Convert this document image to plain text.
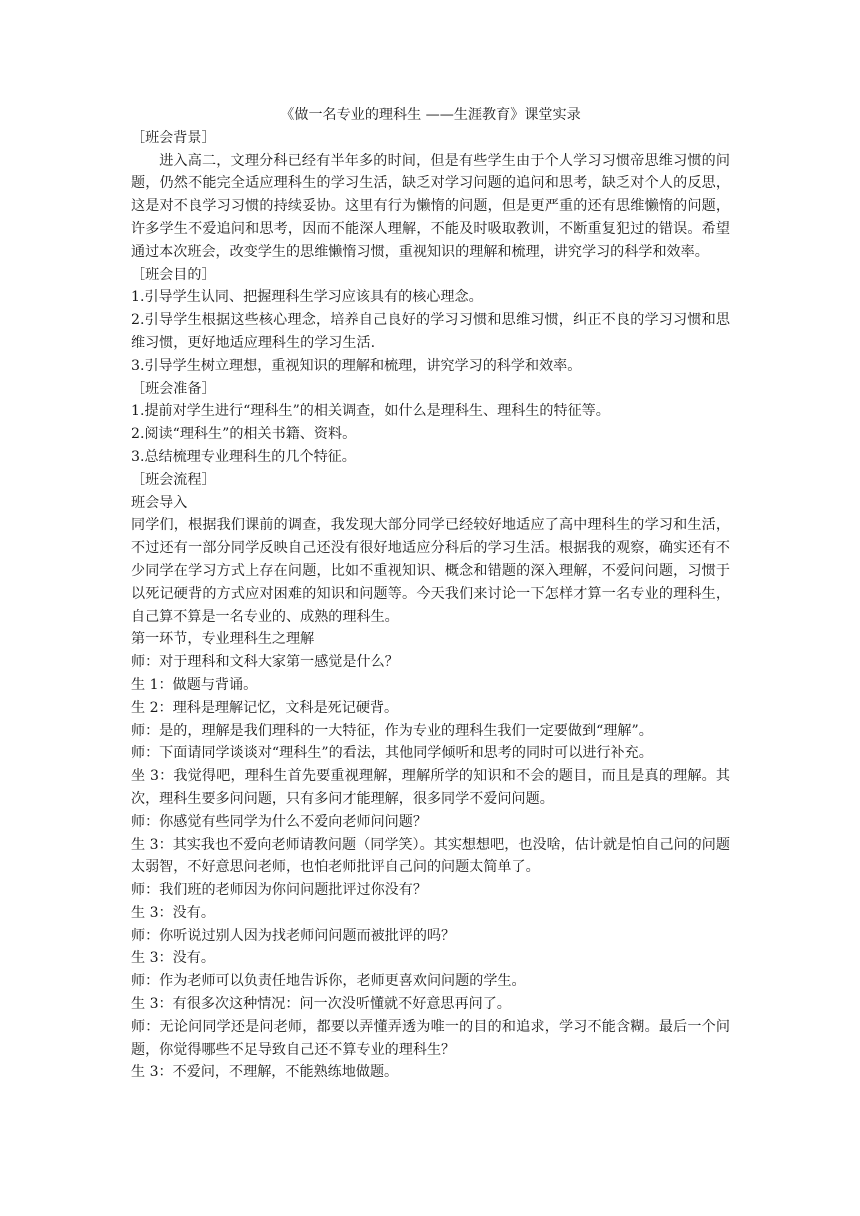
《做一名专业的理科生 ——生涯教育》课堂实录

［班会背景］

进入高二，文理分科已经有半年多的时间，但是有些学生由于个人学习习惯帝思维习惯的问题，仍然不能完全适应理科生的学习生活，缺乏对学习问题的追问和思考，缺乏对个人的反思，这是对不良学习习惯的持续妥协。这里有行为懒惰的问题，但是更严重的还有思维懒惰的问题，许多学生不爱追问和思考，因而不能深人理解，不能及时吸取教训，不断重复犯过的错误。希望通过本次班会，改变学生的思维懒惰习惯，重视知识的理解和梳理，讲究学习的科学和效率。

［班会目的］

1.引导学生认同、把握理科生学习应该具有的核心理念。

2.引导学生根据这些核心理念，培养自己良好的学习习惯和思维习惯，纠正不良的学习习惯和思维习惯，更好地适应理科生的学习生活.

3.引导学生树立理想，重视知识的理解和梳理，讲究学习的科学和效率。

［班会准备］

1.提前对学生进行“理科生”的相关调查，如什么是理科生、理科生的特征等。

2.阅读“理科生”的相关书籍、资料。

3.总结梳理专业理科生的几个特征。

［班会流程］

班会导入

同学们，根据我们课前的调查，我发现大部分同学已经较好地适应了高中理科生的学习和生活，不过还有一部分同学反映自己还没有很好地适应分科后的学习生活。根据我的观察，确实还有不少同学在学习方式上存在问题，比如不重视知识、概念和错题的深入理解，不爱问问题，习惯于以死记硬背的方式应对困难的知识和问题等。今天我们来讨论一下怎样才算一名专业的理科生，自己算不算是一名专业的、成熟的理科生。

第一环节，专业理科生之理解

师：对于理科和文科大家第一感觉是什么？

生 1：做题与背诵。

生 2：理科是理解记忆，文科是死记硬背。

师：是的，理解是我们理科的一大特征，作为专业的理科生我们一定要做到“理解”。

师：下面请同学谈谈对“理科生”的看法，其他同学倾听和思考的同时可以进行补充。

坐 3：我觉得吧，理科生首先要重视理解，理解所学的知识和不会的题目，而且是真的理解。其次，理科生要多问问题，只有多问才能理解，很多同学不爱问问题。

师：你感觉有些同学为什么不爱向老师问问题？

生 3：其实我也不爱向老师请教问题（同学笑）。其实想想吧，也没啥，估计就是怕自己问的问题太弱智，不好意思问老师，也怕老师批评自己问的问题太简单了。

师：我们班的老师因为你问问题批评过你没有？

生 3：没有。

师：你听说过别人因为找老师问问题而被批评的吗？

生 3：没有。

师：作为老师可以负责任地告诉你，老师更喜欢问问题的学生。

生 3：有很多次这种情况：问一次没听懂就不好意思再问了。

师：无论问同学还是问老师，都要以弄懂弄透为唯一的目的和追求，学习不能含糊。最后一个问题，你觉得哪些不足导致自己还不算专业的理科生？

生 3：不爱问，不理解，不能熟练地做题。
